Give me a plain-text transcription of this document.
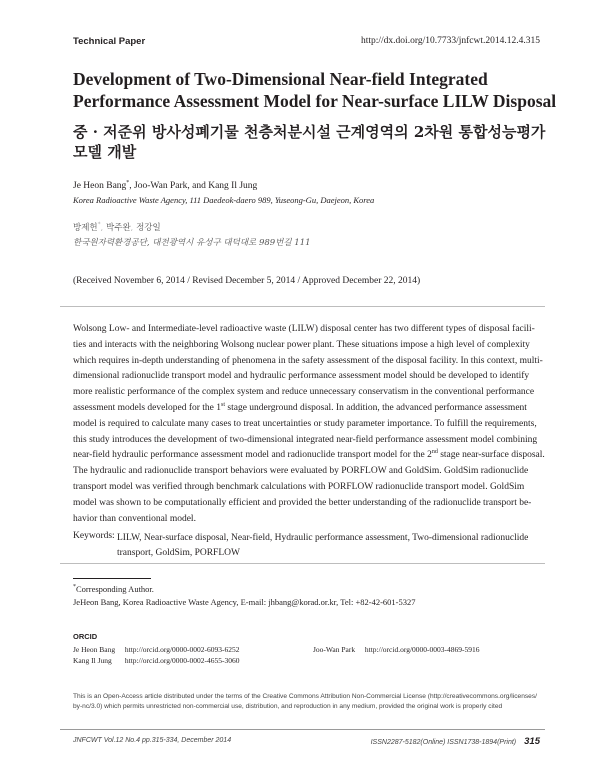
Technical Paper	http://dx.doi.org/10.7733/jnfcwt.2014.12.4.315
Development of Two-Dimensional Near-field Integrated
Performance Assessment Model for Near-surface LILW Disposal
중 · 저준위 방사성폐기물 천층처분시설 근계영역의 2차원 통합성능평가
모델 개발
Je Heon Bang*, Joo-Wan Park, and Kang Il Jung
Korea Radioactive Waste Agency, 111 Daedeok-daero 989, Yuseong-Gu, Daejeon, Korea
방제헌*, 박주완, 정강일
한국원자력환경공단, 대전광역시 유성구 대덕대로 989번길 111
(Received November 6, 2014 / Revised December 5, 2014 / Approved December 22, 2014)
Wolsong Low- and Intermediate-level radioactive waste (LILW) disposal center has two different types of disposal facili-
ties and interacts with the neighboring Wolsong nuclear power plant. These situations impose a high level of complexity
which requires in-depth understanding of phenomena in the safety assessment of the disposal facility. In this context, multi-
dimensional radionuclide transport model and hydraulic performance assessment model should be developed to identify
more realistic performance of the complex system and reduce unnecessary conservatism in the conventional performance
assessment models developed for the 1st stage underground disposal. In addition, the advanced performance assessment
model is required to calculate many cases to treat uncertainties or study parameter importance. To fulfill the requirements,
this study introduces the development of two-dimensional integrated near-field performance assessment model combining
near-field hydraulic performance assessment model and radionuclide transport model for the 2nd stage near-surface disposal.
The hydraulic and radionuclide transport behaviors were evaluated by PORFLOW and GoldSim. GoldSim radionuclide
transport model was verified through benchmark calculations with PORFLOW radionuclide transport model. GoldSim
model was shown to be computationally efficient and provided the better understanding of the radionuclide transport be-
havior than conventional model.
Keywords: LILW, Near-surface disposal, Near-field, Hydraulic performance assessment, Two-dimensional radionuclide
transport, GoldSim, PORFLOW
*Corresponding Author.
JeHeon Bang, Korea Radioactive Waste Agency, E-mail: jhbang@korad.or.kr, Tel: +82-42-601-5327
ORCID
Je Heon Bang http://orcid.org/0000-0002-6093-6252	Joo-Wan Park http://orcid.org/0000-0003-4869-5916
Kang Il Jung http://orcid.org/0000-0002-4655-3060
This is an Open-Access article distributed under the terms of the Creative Commons Attribution Non-Commercial License (http://creativecommons.org/licenses/
by-nc/3.0) which permits unrestricted non-commercial use, distribution, and reproduction in any medium, provided the original work is properly cited
JNFCWT Vol.12 No.4 pp.315-334, December 2014	ISSN2287-5182(Online) ISSN1738-1894(Print) 315
